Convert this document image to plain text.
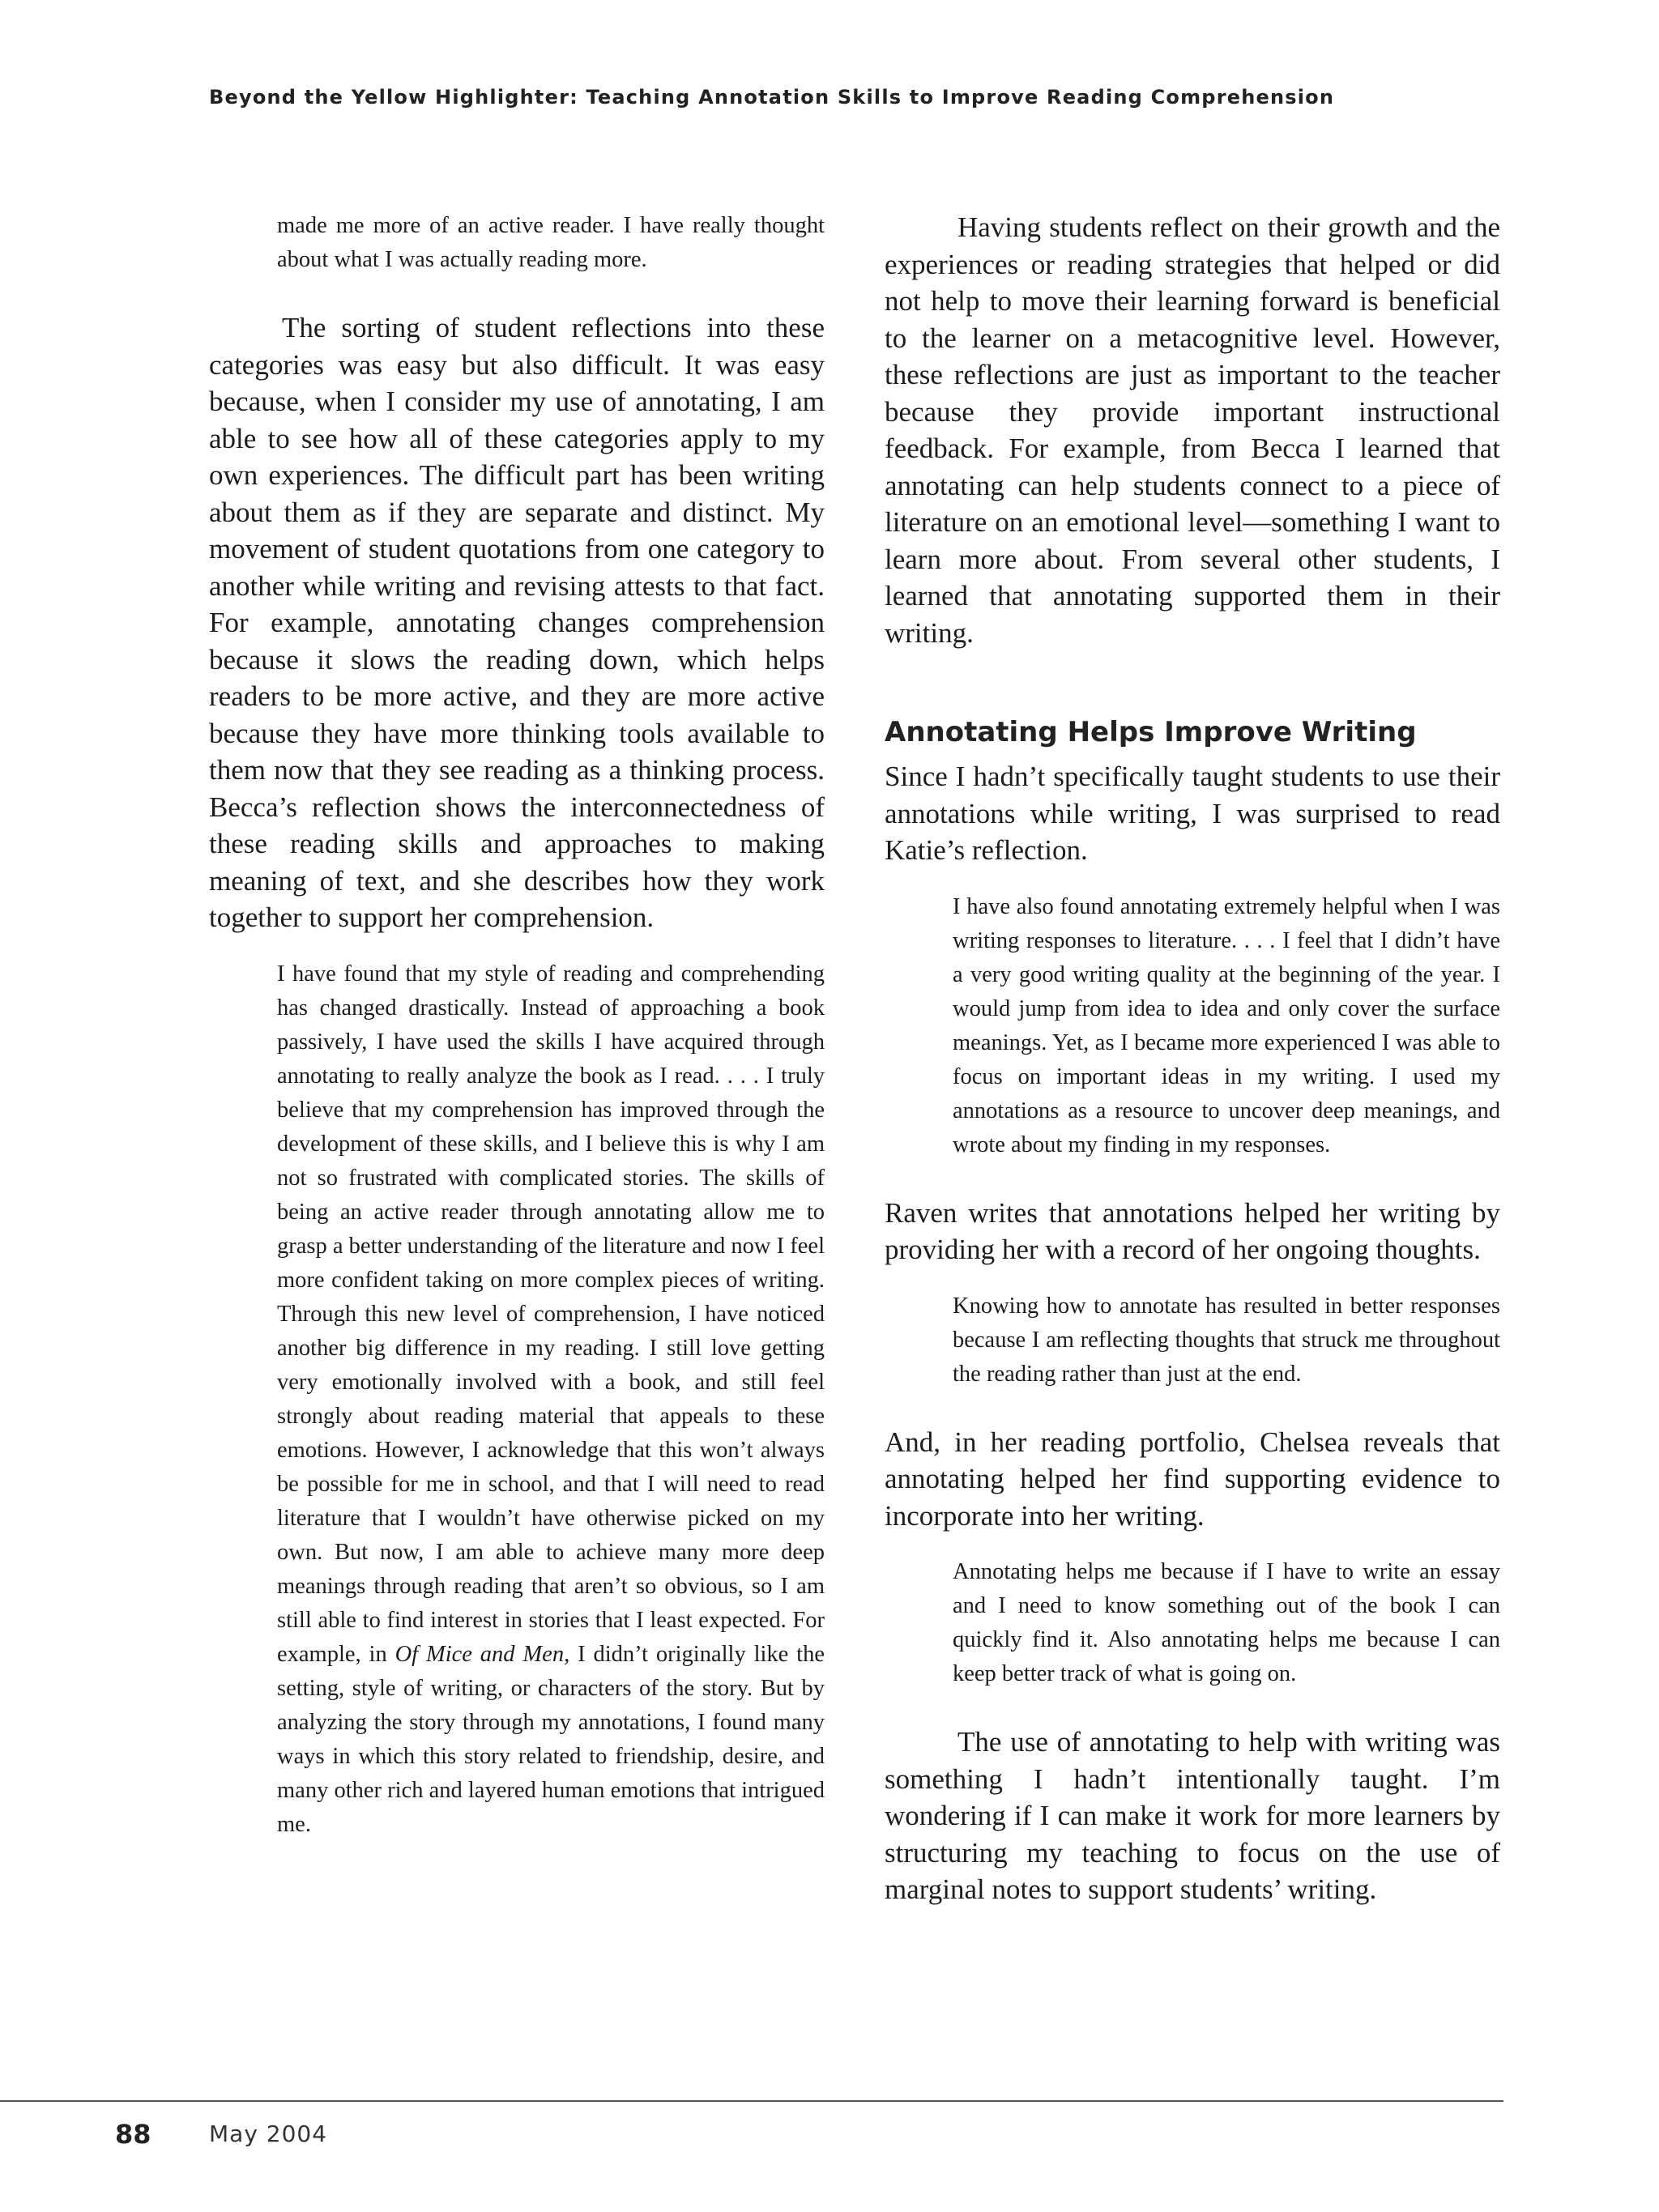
Beyond the Yellow Highlighter: Teaching Annotation Skills to Improve Reading Comprehension

made me more of an active reader. I have really thought about what I was actually reading more.

The sorting of student reflections into these categories was easy but also difficult. It was easy because, when I consider my use of annotating, I am able to see how all of these categories apply to my own experiences. The difficult part has been writing about them as if they are separate and distinct. My movement of student quotations from one category to another while writing and revising attests to that fact. For example, annotating changes comprehension because it slows the reading down, which helps readers to be more active, and they are more active because they have more thinking tools available to them now that they see reading as a thinking process. Becca’s reflection shows the interconnectedness of these reading skills and approaches to making meaning of text, and she describes how they work together to support her comprehension.

I have found that my style of reading and comprehending has changed drastically. Instead of approaching a book passively, I have used the skills I have acquired through annotating to really analyze the book as I read. . . . I truly believe that my comprehension has improved through the development of these skills, and I believe this is why I am not so frustrated with complicated stories. The skills of being an active reader through annotating allow me to grasp a better understanding of the literature and now I feel more confident taking on more complex pieces of writing. Through this new level of comprehension, I have noticed another big difference in my reading. I still love getting very emotionally involved with a book, and still feel strongly about reading material that appeals to these emotions. However, I acknowledge that this won’t always be possible for me in school, and that I will need to read literature that I wouldn’t have otherwise picked on my own. But now, I am able to achieve many more deep meanings through reading that aren’t so obvious, so I am still able to find interest in stories that I least expected. For example, in Of Mice and Men, I didn’t originally like the setting, style of writing, or characters of the story. But by analyzing the story through my annotations, I found many ways in which this story related to friendship, desire, and many other rich and layered human emotions that intrigued me.

Having students reflect on their growth and the experiences or reading strategies that helped or did not help to move their learning forward is beneficial to the learner on a metacognitive level. However, these reflections are just as important to the teacher because they provide important instructional feedback. For example, from Becca I learned that annotating can help students connect to a piece of literature on an emotional level—something I want to learn more about. From several other students, I learned that annotating supported them in their writing.

Annotating Helps Improve Writing

Since I hadn’t specifically taught students to use their annotations while writing, I was surprised to read Katie’s reflection.

I have also found annotating extremely helpful when I was writing responses to literature. . . . I feel that I didn’t have a very good writing quality at the beginning of the year. I would jump from idea to idea and only cover the surface meanings. Yet, as I became more experienced I was able to focus on important ideas in my writing. I used my annotations as a resource to uncover deep meanings, and wrote about my finding in my responses.

Raven writes that annotations helped her writing by providing her with a record of her ongoing thoughts.

Knowing how to annotate has resulted in better responses because I am reflecting thoughts that struck me throughout the reading rather than just at the end.

And, in her reading portfolio, Chelsea reveals that annotating helped her find supporting evidence to incorporate into her writing.

Annotating helps me because if I have to write an essay and I need to know something out of the book I can quickly find it. Also annotating helps me because I can keep better track of what is going on.

The use of annotating to help with writing was something I hadn’t intentionally taught. I’m wondering if I can make it work for more learners by structuring my teaching to focus on the use of marginal notes to support students’ writing.

88	May 2004
